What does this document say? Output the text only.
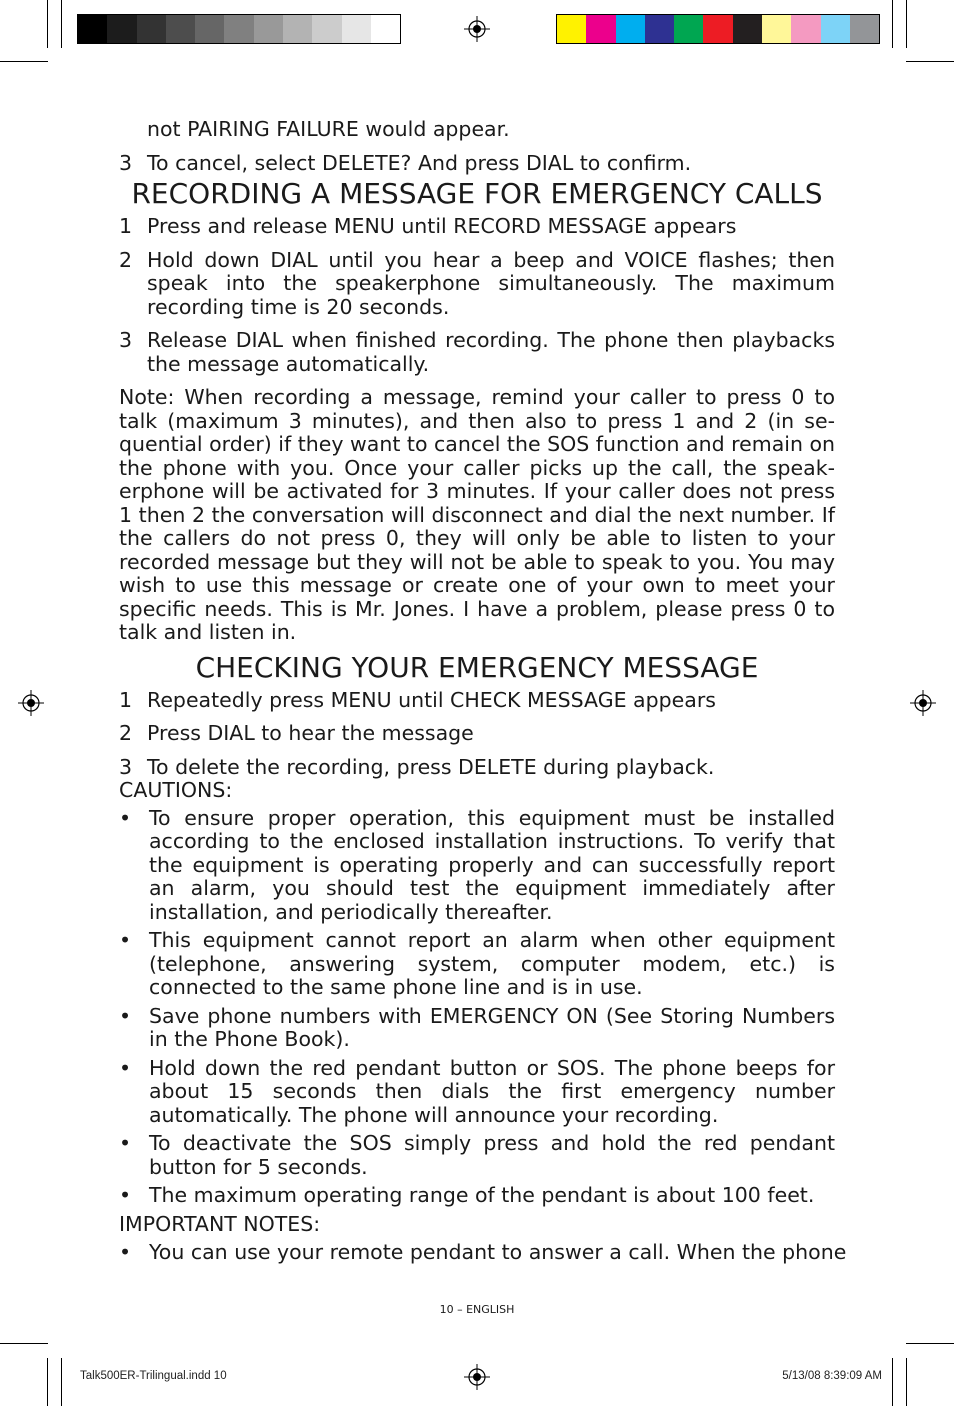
not PAIRING FAILURE would appear.

3 To cancel, select DELETE? And press DIAL to confirm.
RECORDING A MESSAGE FOR EMERGENCY CALLS
1 Press and release MENU until RECORD MESSAGE appears
2 Hold down DIAL until you hear a beep and VOICE flashes; then speak into the speakerphone simultaneously. The maximum recording time is 20 seconds.
3 Release DIAL when finished recording. The phone then playbacks the message automatically.

Note: When recording a message, remind your caller to press 0 to talk (maximum 3 minutes), and then also to press 1 and 2 (in se-quential order) if they want to cancel the SOS function and remain on the phone with you. Once your caller picks up the call, the speak-erphone will be activated for 3 minutes. If your caller does not press 1 then 2 the conversation will disconnect and dial the next number. If the callers do not press 0, they will only be able to listen to your recorded message but they will not be able to speak to you. You may wish to use this message or create one of your own to meet your specific needs. This is Mr. Jones. I have a problem, please press 0 to talk and listen in.

CHECKING YOUR EMERGENCY MESSAGE
1 Repeatedly press MENU until CHECK MESSAGE appears
2 Press DIAL to hear the message
3 To delete the recording, press DELETE during playback.

CAUTIONS:

• To ensure proper operation, this equipment must be installed according to the enclosed installation instructions. To verify that the equipment is operating properly and can successfully report an alarm, you should test the equipment immediately after installation, and periodically thereafter.
• This equipment cannot report an alarm when other equipment (telephone, answering system, computer modem, etc.) is connected to the same phone line and is in use.
• Save phone numbers with EMERGENCY ON (See Storing Numbers in the Phone Book).
• Hold down the red pendant button or SOS. The phone beeps for about 15 seconds then dials the first emergency number automatically. The phone will announce your recording.
• To deactivate the SOS simply press and hold the red pendant button for 5 seconds.
• The maximum operating range of the pendant is about 100 feet.

IMPORTANT NOTES:

• You can use your remote pendant to answer a call. When the phone
10 – ENGLISH
Talk500ER-Trilingual.indd 10	5/13/08 8:39:09 AM
